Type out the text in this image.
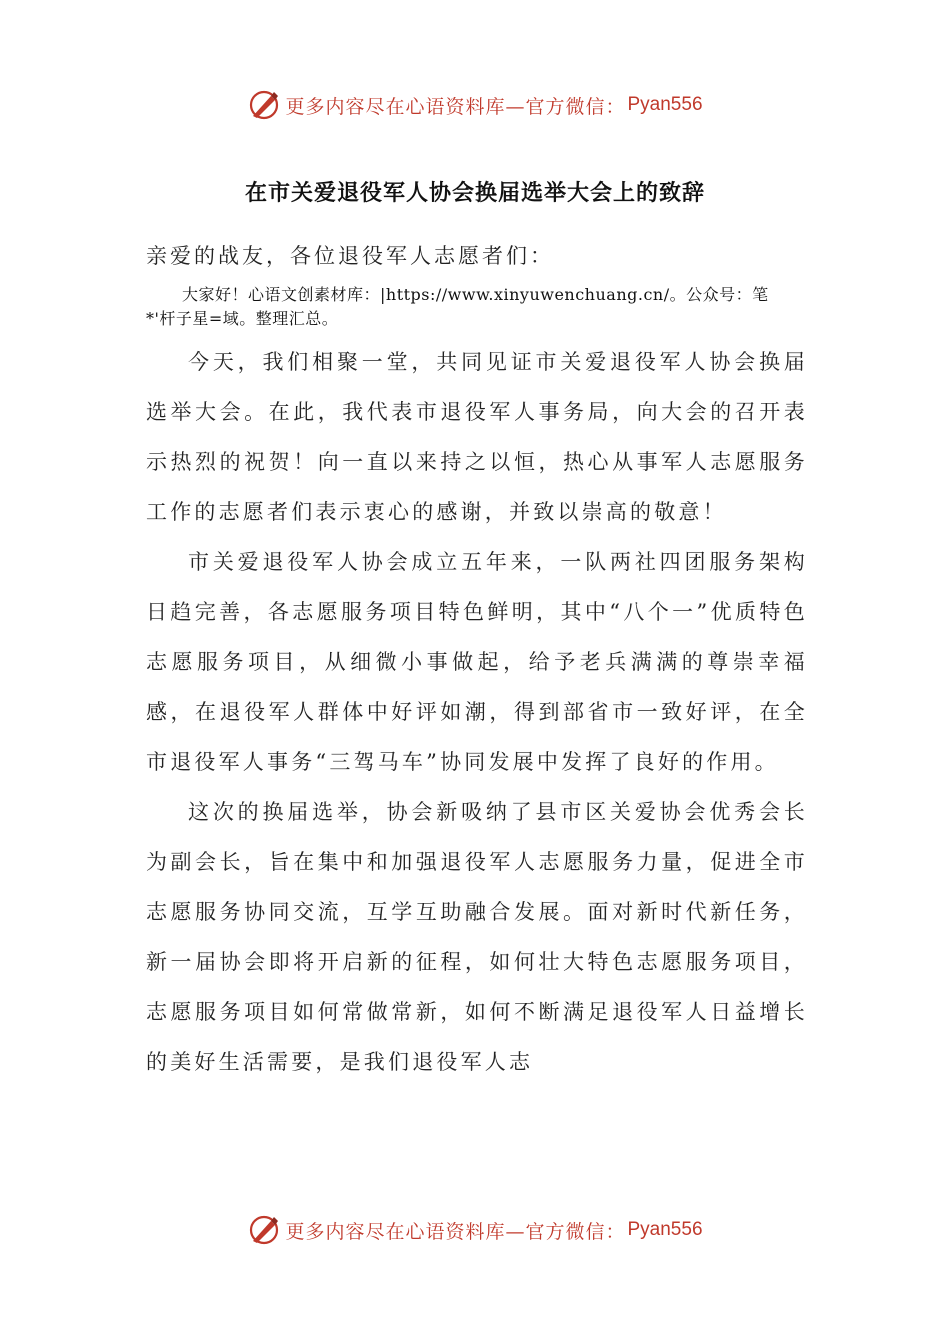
更多内容尽在心语资料库—官方微信： Pyan556
在市关爱退役军人协会换届选举大会上的致辞
亲爱的战友，各位退役军人志愿者们：
大家好！心语文创素材库：|https://www.xinyuwenchuang.cn/。公众号：笔
*'杆子星=域。整理汇总。

今天，我们相聚一堂，共同见证市关爱退役军人协会换届选举大会。在此，我代表市退役军人事务局，向大会的召开表示热烈的祝贺！向一直以来持之以恒，热心从事军人志愿服务工作的志愿者们表示衷心的感谢，并致以崇高的敬意！

市关爱退役军人协会成立五年来，一队两社四团服务架构日趋完善，各志愿服务项目特色鲜明，其中“八个一”优质特色志愿服务项目，从细微小事做起，给予老兵满满的尊崇幸福感，在退役军人群体中好评如潮，得到部省市一致好评，在全市退役军人事务“三驾马车”协同发展中发挥了良好的作用。

这次的换届选举，协会新吸纳了县市区关爱协会优秀会长为副会长，旨在集中和加强退役军人志愿服务力量，促进全市志愿服务协同交流，互学互助融合发展。面对新时代新任务，新一届协会即将开启新的征程，如何壮大特色志愿服务项目，志愿服务项目如何常做常新，如何不断满足退役军人日益增长的美好生活需要，是我们退役军人志

更多内容尽在心语资料库—官方微信： Pyan556
